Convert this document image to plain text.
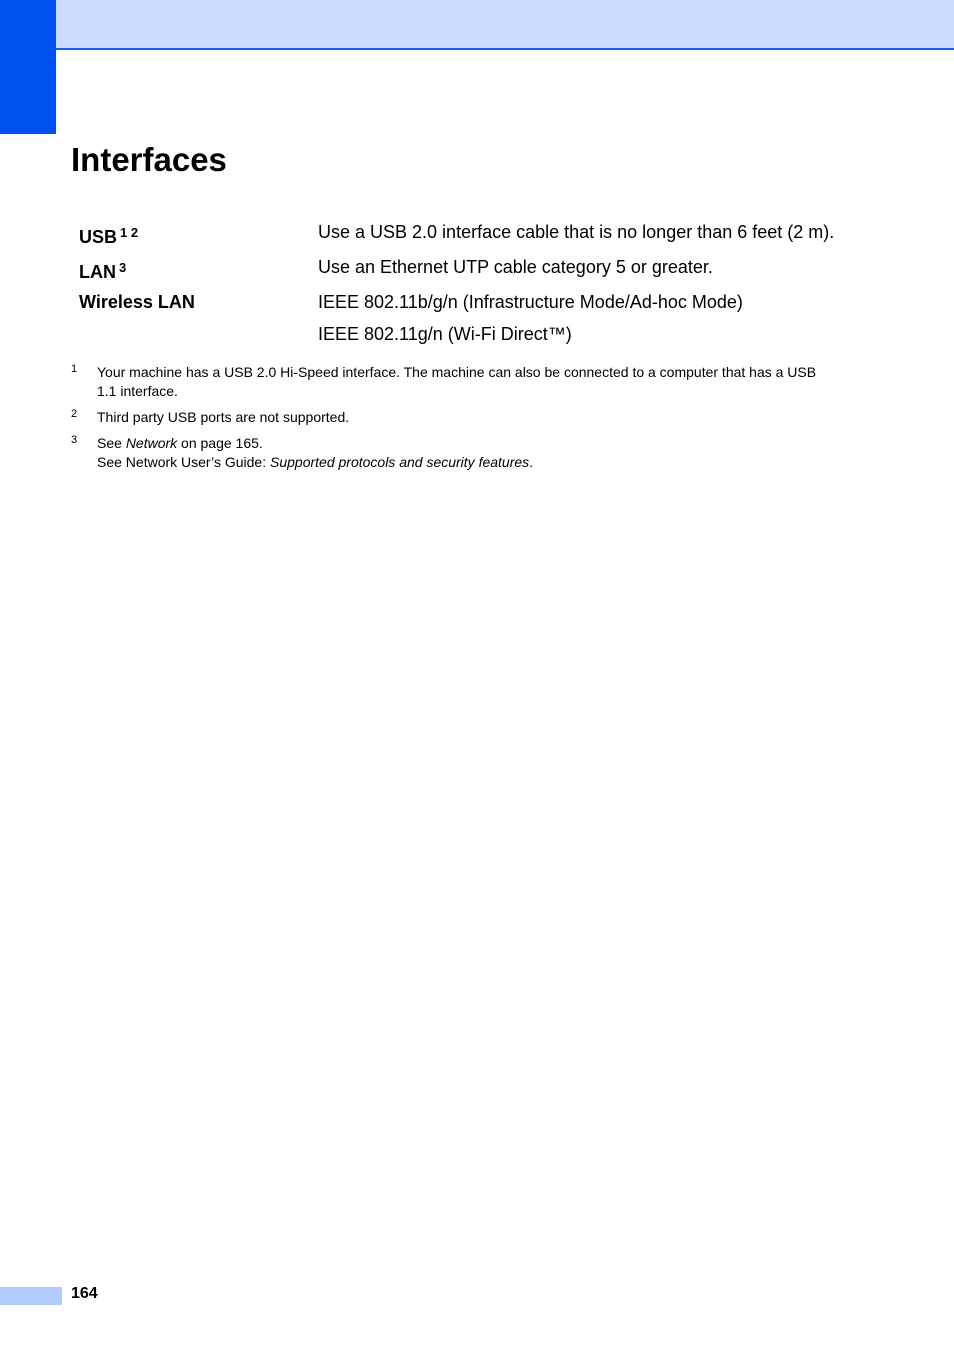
Interfaces
USB $^{1 2}$	Use a USB 2.0 interface cable that is no longer than 6 feet (2 m).
LAN $^3$	Use an Ethernet UTP cable category 5 or greater.
Wireless LAN	IEEE 802.11b/g/n (Infrastructure Mode/Ad-hoc Mode)
IEEE 802.11g/n (Wi-Fi Direct™)
1 Your machine has a USB 2.0 Hi-Speed interface. The machine can also be connected to a computer that has a USB
1.1 interface.
2 Third party USB ports are not supported.
3 See Network on page 165.
See Network User’s Guide: Supported protocols and security features.
164
